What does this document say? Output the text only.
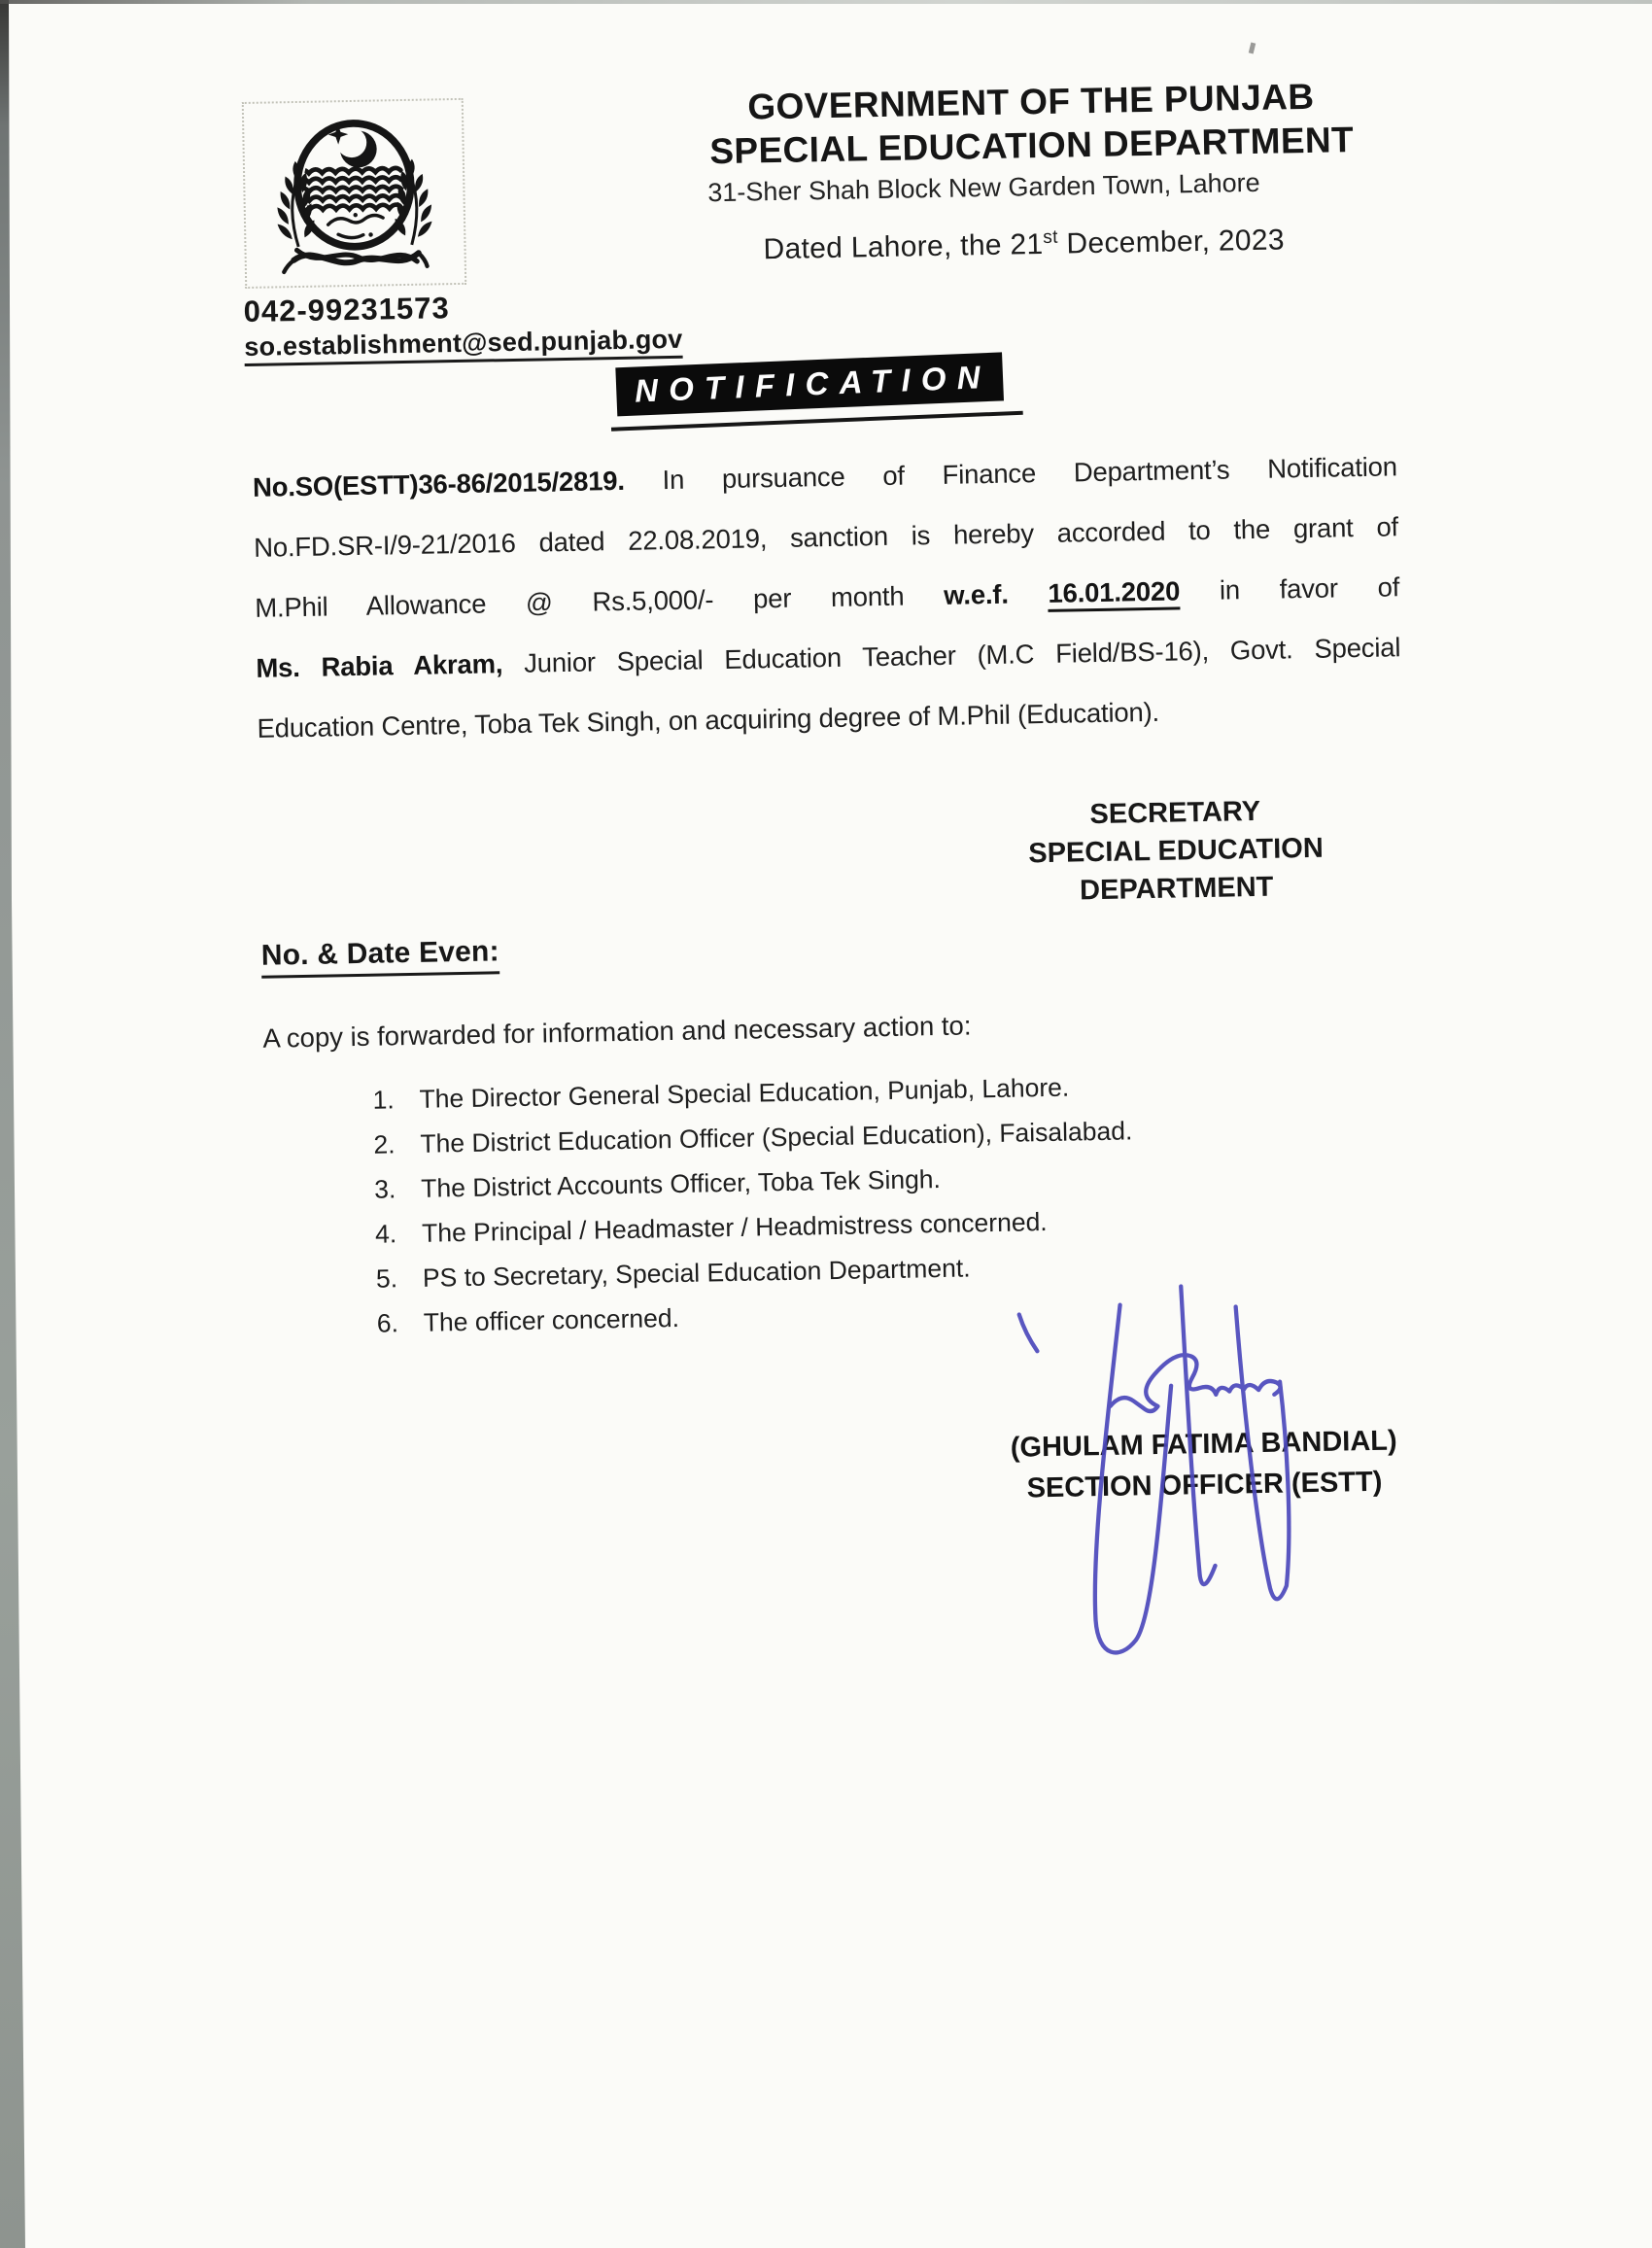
GOVERNMENT OF THE PUNJAB
SPECIAL EDUCATION DEPARTMENT
31-Sher Shah Block New Garden Town, Lahore
Dated Lahore, the 21st December, 2023
042-99231573
so.establishment@sed.punjab.gov
NOTIFICATION
No.SO(ESTT)36-86/2015/2819. In pursuance of Finance Department’s Notification
No.FD.SR-I/9-21/2016 dated 22.08.2019, sanction is hereby accorded to the grant of
M.Phil Allowance @ Rs.5,000/- per month w.e.f. 16.01.2020 in favor of
Ms. Rabia Akram, Junior Special Education Teacher (M.C Field/BS-16), Govt. Special
Education Centre, Toba Tek Singh, on acquiring degree of M.Phil (Education).
SECRETARY
SPECIAL EDUCATION
DEPARTMENT
No. & Date Even:
A copy is forwarded for information and necessary action to:
1. The Director General Special Education, Punjab, Lahore.
2. The District Education Officer (Special Education), Faisalabad.
3. The District Accounts Officer, Toba Tek Singh.
4. The Principal / Headmaster / Headmistress concerned.
5. PS to Secretary, Special Education Department.
6. The officer concerned.
(GHULAM FATIMA BANDIAL)
SECTION OFFICER (ESTT)
